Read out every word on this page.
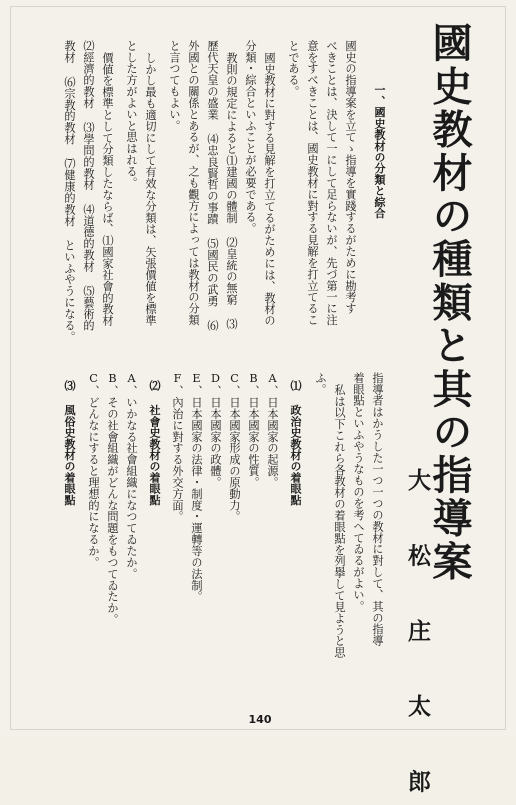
國史教材の種類と其の指導案
大 松 庄 太 郎
一、國史教材の分類と綜合
國史の指導案を立てゝ指導を實踐するがために勘考す
べきことは、決して一にして足らないが、先づ第一に注
意をすべきことは、國史教材に對する見解を打立てるこ
とである。
國史教材に對する見解を打立てるがためには、教材の
分類・綜合といふことが必要である。
教則の規定によると⑴建國の體制 ⑵皇統の無窮 ⑶
歷代天皇の盛業 ⑷忠良賢哲の事蹟 ⑸國民の武勇 ⑹
外國との關係とあるが、之も觀方によっては教材の分類
と言つてもよい。
しかし最も適切にして有效な分類は、矢張價値を標準
とした方がよいと思はれる。
價値を標準として分類したならば、⑴國家社會的教材
⑵經濟的教材 ⑶學問的教材 ⑷道德的教材 ⑸藝術的
教材 ⑹宗教的教材 ⑺健康的教材 といふやうになる。
指導者はかうした一つ一つの教材に對して、其の指導
着眼點といふやうなものを考へてゐるがよい。
私は以下これら各教材の着眼點を列擧して見ようと思
ふ。
⑴ 政治史教材の着眼點
A、日本國家の起源。
B、日本國家の性質。
C、日本國家形成の原動力。
D、日本國家の政體。
E、日本國家の法律・制度・運轉等の法制。
F、內治に對する外交方面。
⑵ 社會史教材の着眼點
A、いかなる社會組織になつてゐたか。
B、その社會組織がどんな問題をもつてゐたか。
C、どんなにすると理想的になるか。
⑶ 風俗史教材の着眼點
140
